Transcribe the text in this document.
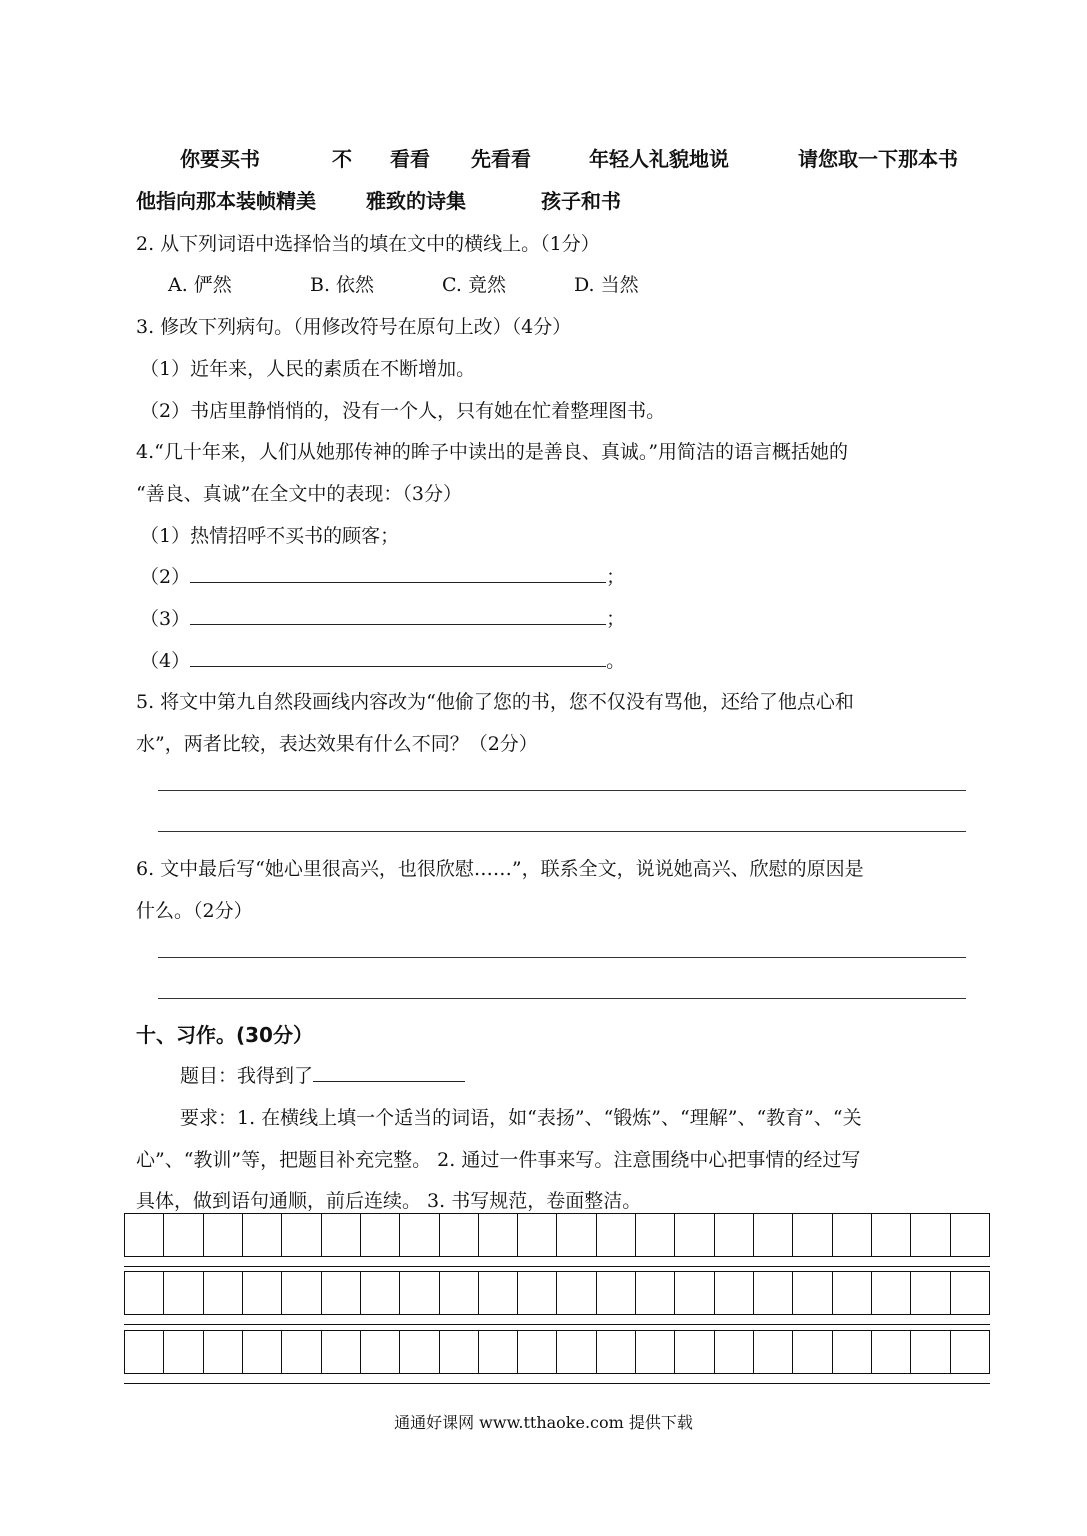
你要买书	不 看看 先看看	年轻人礼貌地说	请您取一下那本书
他指向那本装帧精美	雅致的诗集	孩子和书
2. 从下列词语中选择恰当的填在文中的横线上。（1分）
A. 俨然	B. 依然	C. 竟然	D. 当然
3. 修改下列病句。（用修改符号在原句上改）（4分）
（1）近年来，人民的素质在不断增加。
（2）书店里静悄悄的，没有一个人，只有她在忙着整理图书。
4.“几十年来，人们从她那传神的眸子中读出的是善良、真诚。”用简洁的语言概括她的
“善良、真诚”在全文中的表现：（3分）
（1）热情招呼不买书的顾客；
（2）	；
（3）	；
（4）	。
5. 将文中第九自然段画线内容改为“他偷了您的书，您不仅没有骂他，还给了他点心和
水”，两者比较，表达效果有什么不同？（2分）
6. 文中最后写“她心里很高兴，也很欣慰……”，联系全文，说说她高兴、欣慰的原因是
什么。（2分）
十、习作。(30分）
题目：我得到了
要求：1. 在横线上填一个适当的词语，如“表扬”、“锻炼”、“理解”、“教育”、“关
心”、“教训”等，把题目补充完整。 2. 通过一件事来写。注意围绕中心把事情的经过写
具体，做到语句通顺，前后连续。 3. 书写规范，卷面整洁。
通通好课网 www.tthaoke.com 提供下载
